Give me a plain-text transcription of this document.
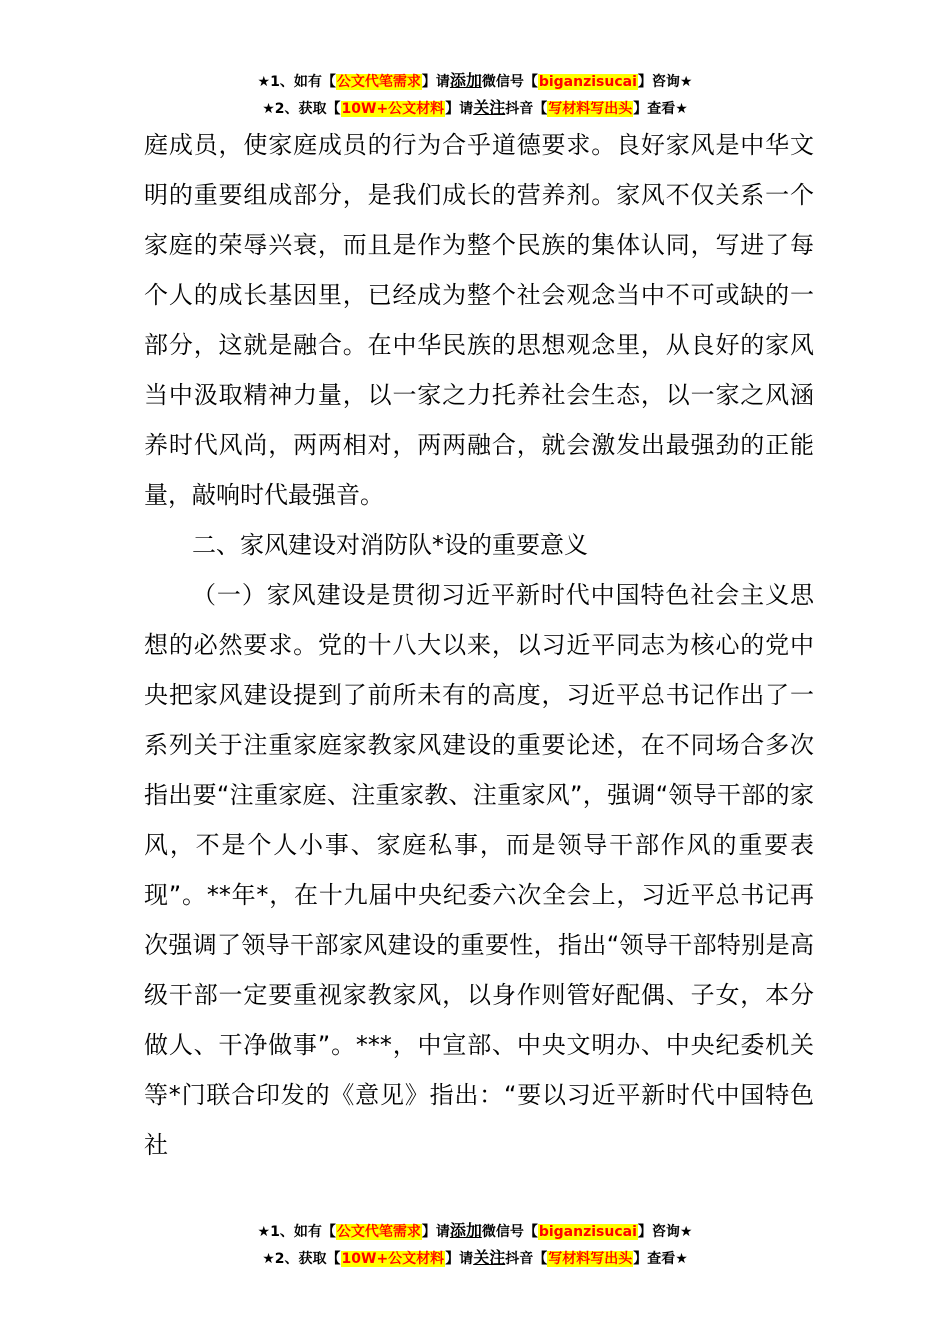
★1、如有【公文代笔需求】请添加微信号【biganzisucai】咨询★
★2、获取【10W+公文材料】请关注抖音【写材料写出头】查看★

庭成员，使家庭成员的行为合乎道德要求。良好家风是中华文明的重要组成部分，是我们成长的营养剂。家风不仅关系一个家庭的荣辱兴衰，而且是作为整个民族的集体认同，写进了每个人的成长基因里，已经成为整个社会观念当中不可或缺的一部分，这就是融合。在中华民族的思想观念里，从良好的家风当中汲取精神力量，以一家之力托养社会生态，以一家之风涵养时代风尚，两两相对，两两融合，就会激发出最强劲的正能量，敲响时代最强音。

二、家风建设对消防队*设的重要意义

（一）家风建设是贯彻习近平新时代中国特色社会主义思想的必然要求。党的十八大以来，以习近平同志为核心的党中央把家风建设提到了前所未有的高度，习近平总书记作出了一系列关于注重家庭家教家风建设的重要论述，在不同场合多次指出要“注重家庭、注重家教、注重家风”，强调“领导干部的家风，不是个人小事、家庭私事，而是领导干部作风的重要表现”。**年*，在十九届中央纪委六次全会上，习近平总书记再次强调了领导干部家风建设的重要性，指出“领导干部特别是高级干部一定要重视家教家风，以身作则管好配偶、子女，本分做人、干净做事”。***，中宣部、中央文明办、中央纪委机关等*门联合印发的《意见》指出：“要以习近平新时代中国特色社

★1、如有【公文代笔需求】请添加微信号【biganzisucai】咨询★
★2、获取【10W+公文材料】请关注抖音【写材料写出头】查看★
